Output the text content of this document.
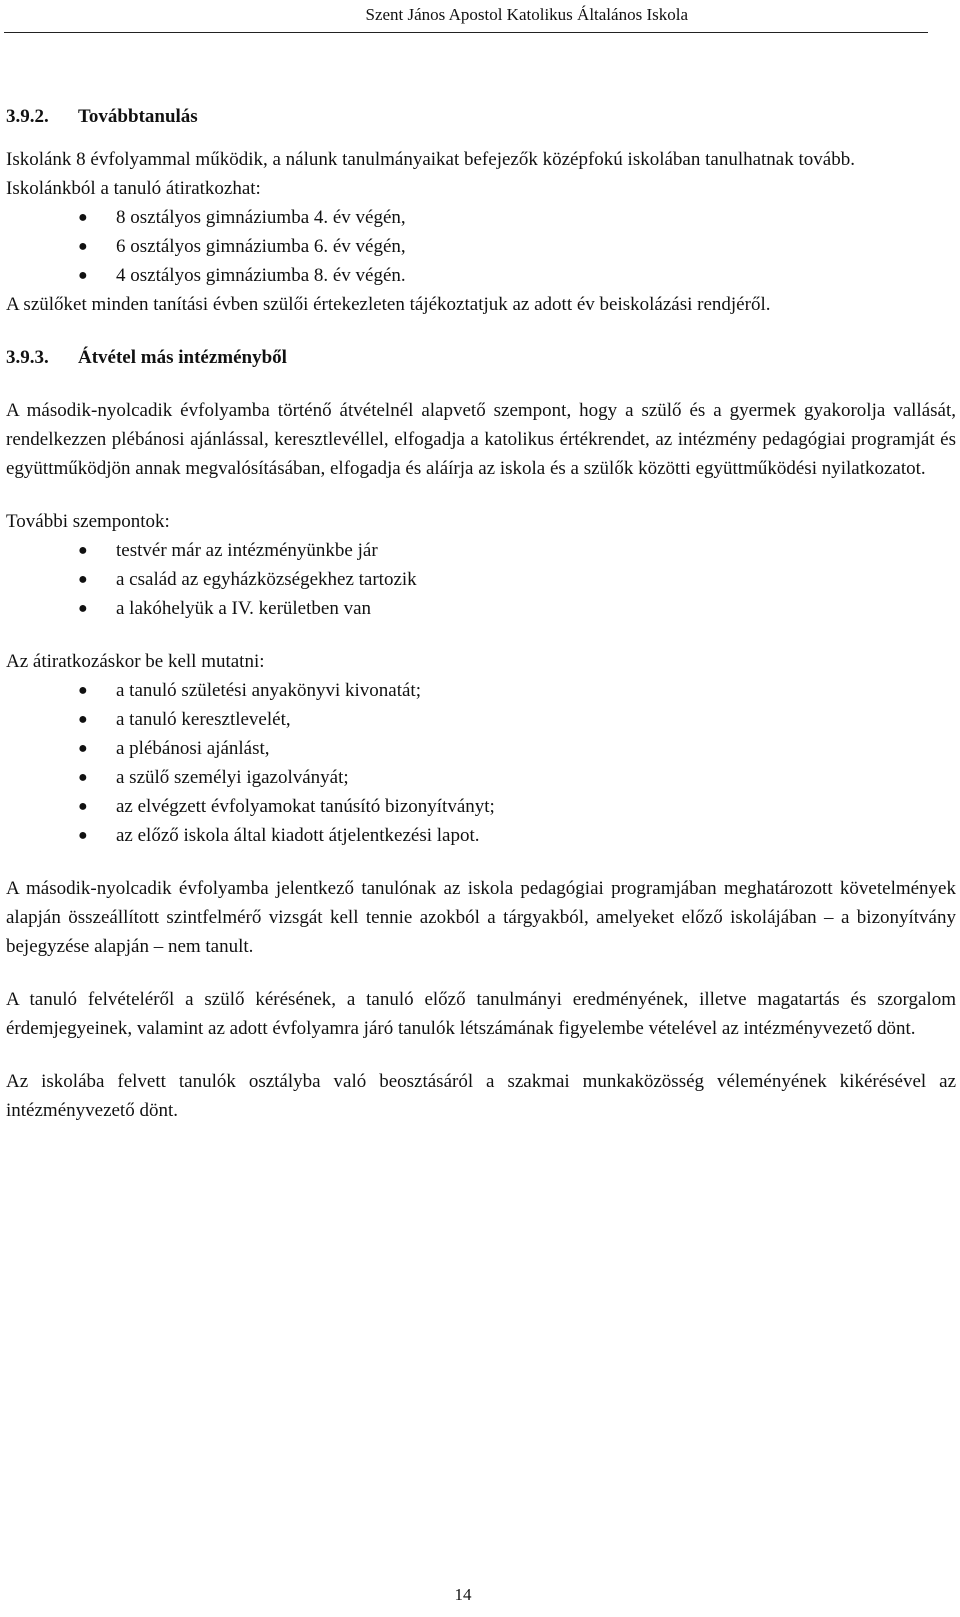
Szent János Apostol Katolikus Általános Iskola
3.9.2. Továbbtanulás

Iskolánk 8 évfolyammal működik, a nálunk tanulmányaikat befejezők középfokú iskolában tanulhatnak tovább.

Iskolánkból a tanuló átiratkozhat:

● 8 osztályos gimnáziumba 4. év végén,
● 6 osztályos gimnáziumba 6. év végén,
● 4 osztályos gimnáziumba 8. év végén.

A szülőket minden tanítási évben szülői értekezleten tájékoztatjuk az adott év beiskolázási rendjéről.

3.9.3. Átvétel más intézményből

A második-nyolcadik évfolyamba történő átvételnél alapvető szempont, hogy a szülő és a gyermek gyakorolja vallását, rendelkezzen plébánosi ajánlással, keresztlevéllel, elfogadja a katolikus értékrendet, az intézmény pedagógiai programját és együttműködjön annak megvalósításában, elfogadja és aláírja az iskola és a szülők közötti együttműködési nyilatkozatot.

További szempontok:

● testvér már az intézményünkbe jár
● a család az egyházközségekhez tartozik
● a lakóhelyük a IV. kerületben van

Az átiratkozáskor be kell mutatni:

● a tanuló születési anyakönyvi kivonatát;
● a tanuló keresztlevelét,
● a plébánosi ajánlást,
● a szülő személyi igazolványát;
● az elvégzett évfolyamokat tanúsító bizonyítványt;
● az előző iskola által kiadott átjelentkezési lapot.

A második-nyolcadik évfolyamba jelentkező tanulónak az iskola pedagógiai programjában meghatározott követelmények alapján összeállított szintfelmérő vizsgát kell tennie azokból a tárgyakból, amelyeket előző iskolájában – a bizonyítvány bejegyzése alapján – nem tanult.

A tanuló felvételéről a szülő kérésének, a tanuló előző tanulmányi eredményének, illetve magatartás és szorgalom érdemjegyeinek, valamint az adott évfolyamra járó tanulók létszámának figyelembe vételével az intézményvezető dönt.

Az iskolába felvett tanulók osztályba való beosztásáról a szakmai munkaközösség véleményének kikérésével az intézményvezető dönt.

14
